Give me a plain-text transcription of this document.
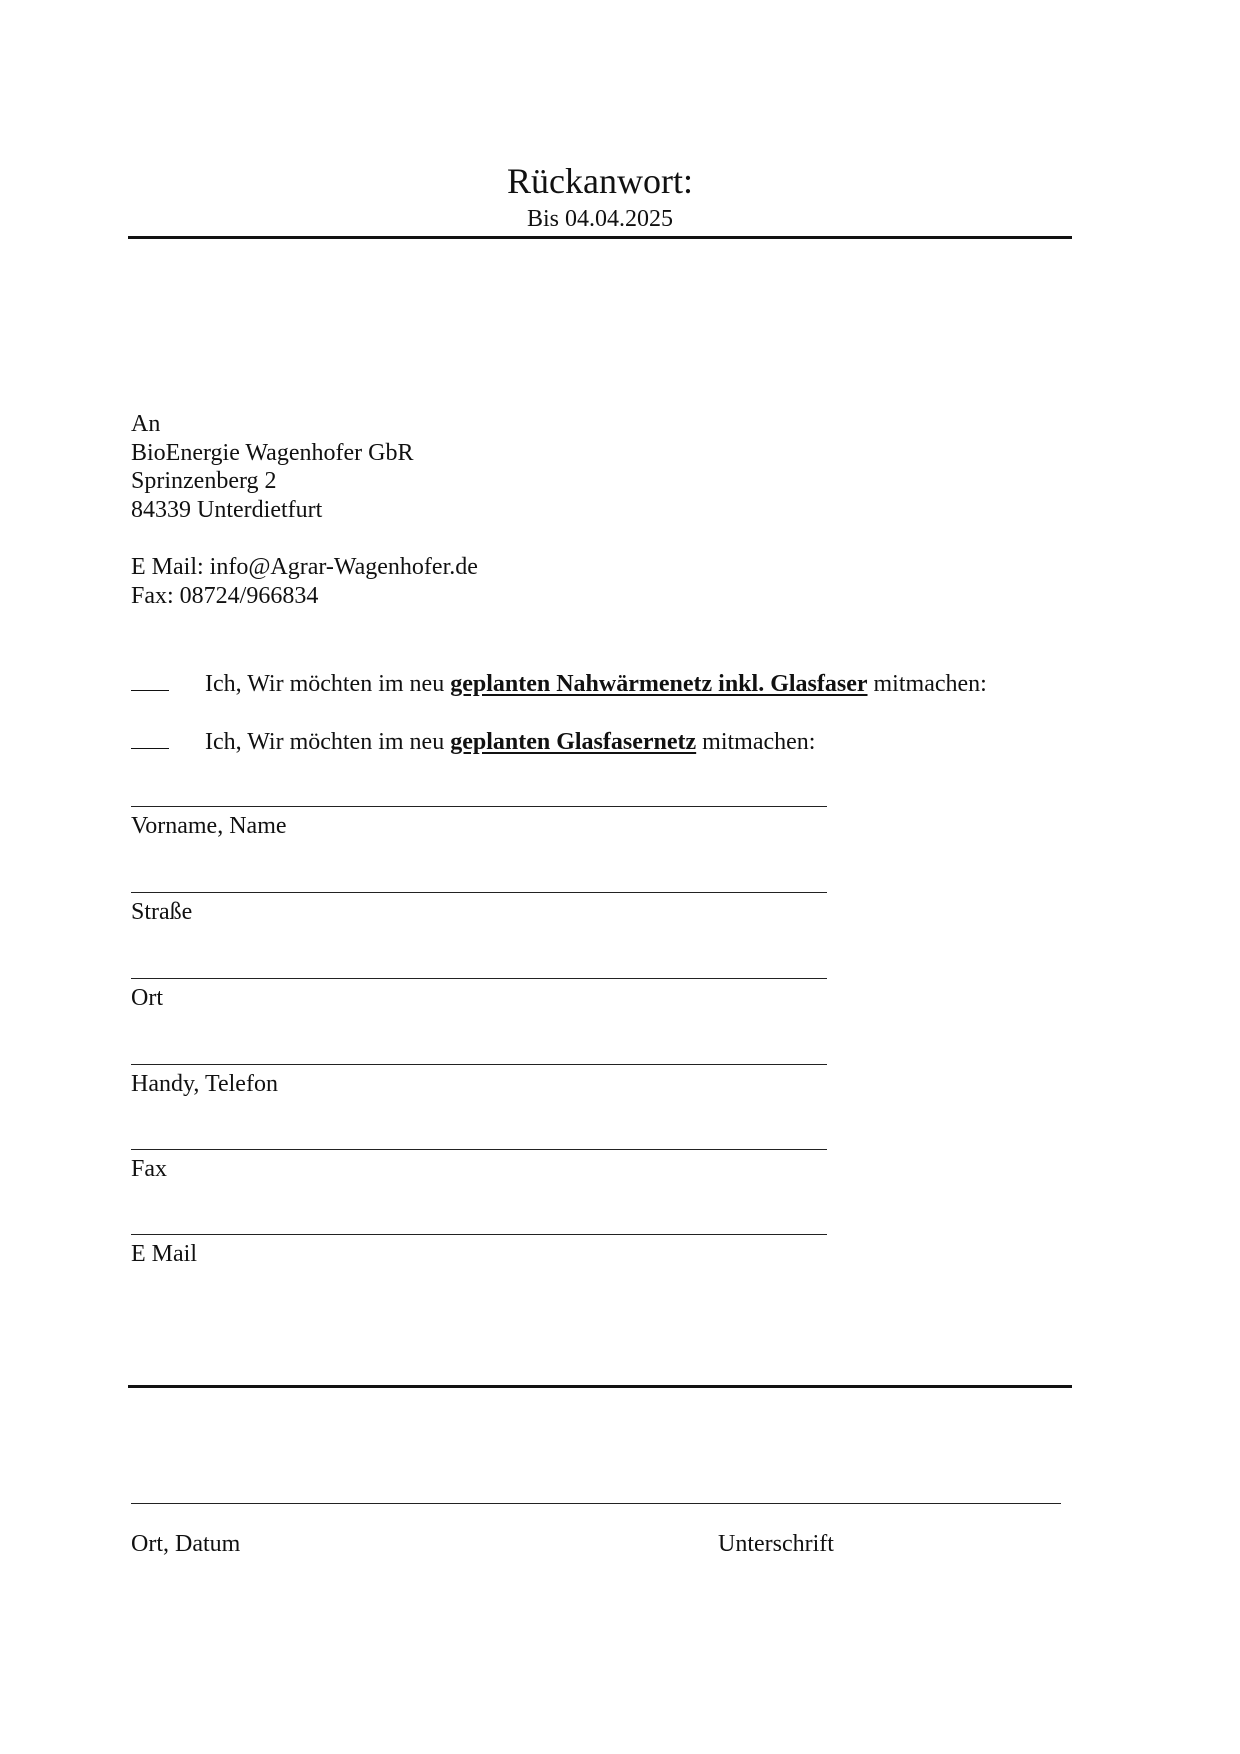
Rückanwort:
Bis 04.04.2025
An
BioEnergie Wagenhofer GbR
Sprinzenberg 2
84339 Unterdietfurt
E Mail: info@Agrar-Wagenhofer.de
Fax: 08724/966834
Ich, Wir möchten im neu geplanten Nahwärmenetz inkl. Glasfaser mitmachen:
Ich, Wir möchten im neu geplanten Glasfasernetz mitmachen:
Vorname, Name
Straße
Ort
Handy, Telefon
Fax
E Mail
Ort, Datum	Unterschrift
